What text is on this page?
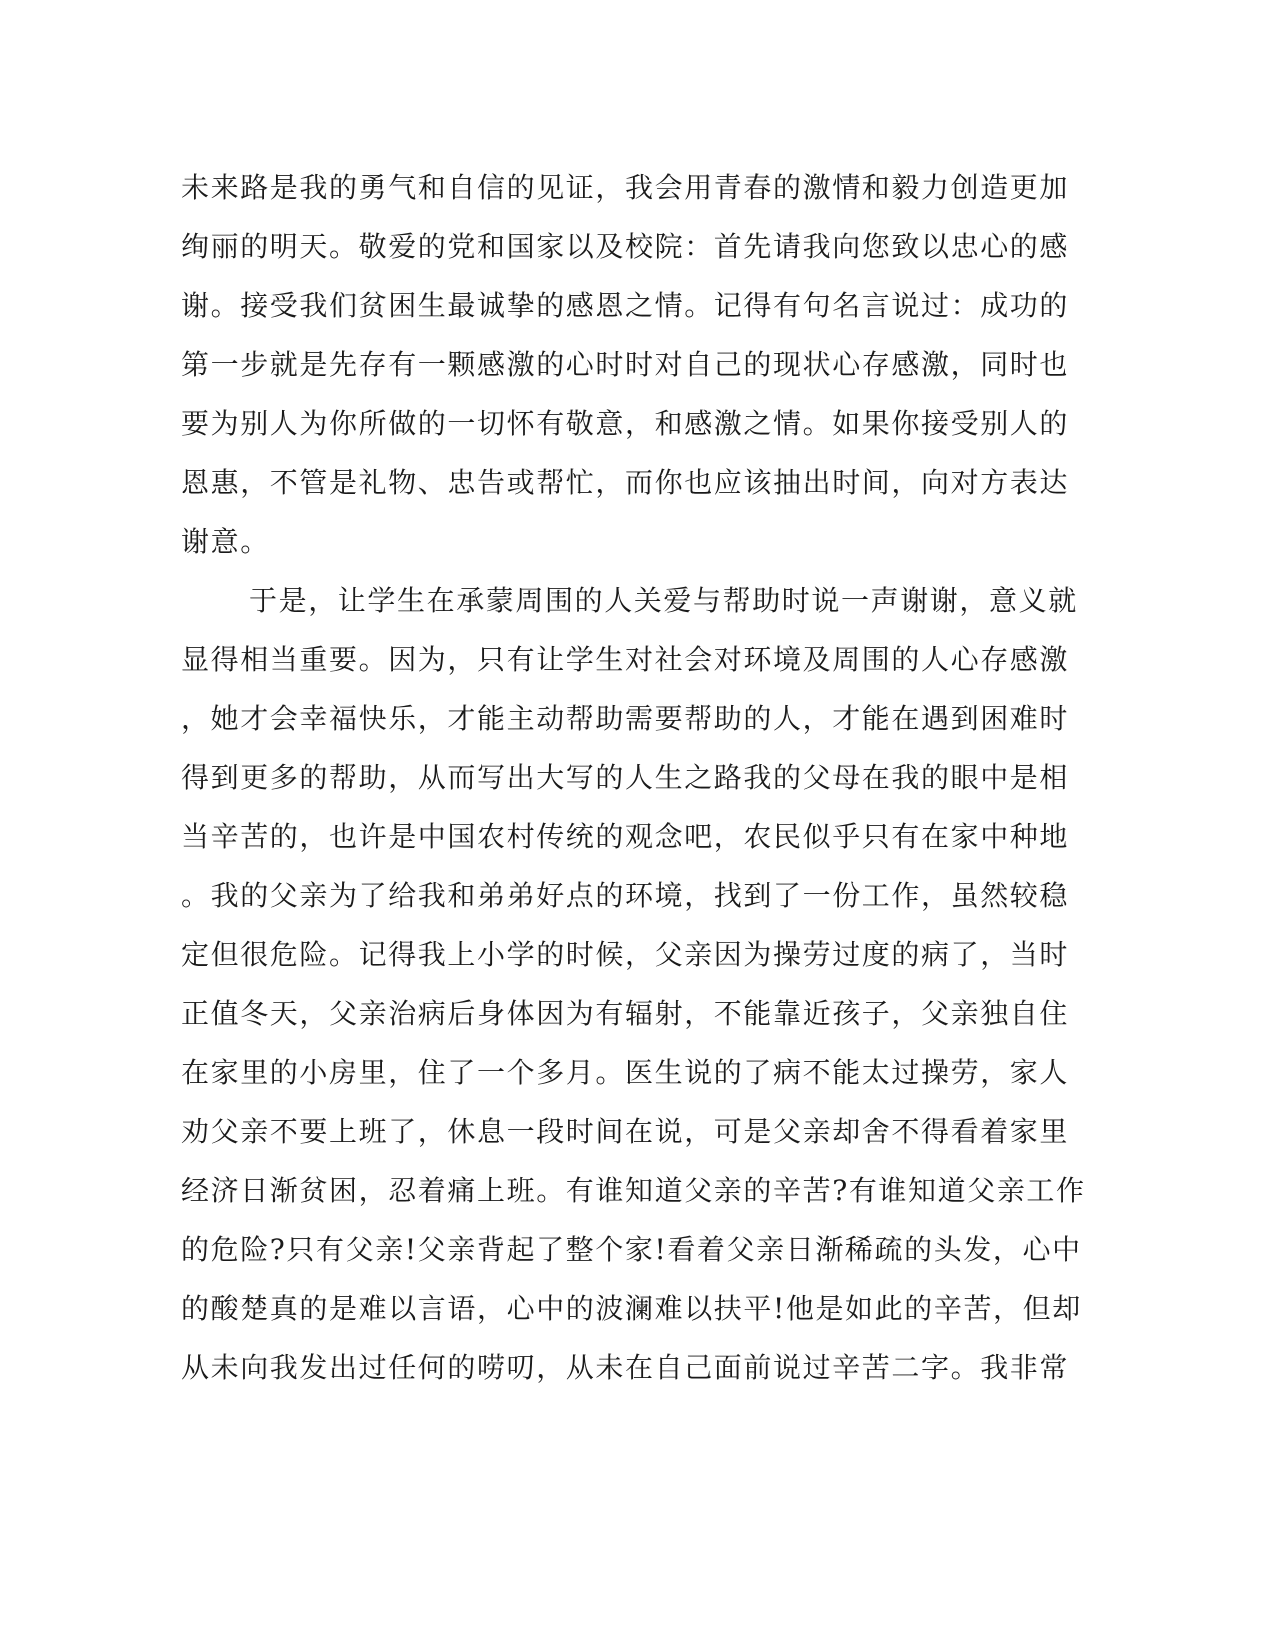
未来路是我的勇气和自信的见证，我会用青春的激情和毅力创造更加
绚丽的明天。敬爱的党和国家以及校院：首先请我向您致以忠心的感
谢。接受我们贫困生最诚挚的感恩之情。记得有句名言说过：成功的
第一步就是先存有一颗感激的心时时对自己的现状心存感激，同时也
要为别人为你所做的一切怀有敬意，和感激之情。如果你接受别人的
恩惠，不管是礼物、忠告或帮忙，而你也应该抽出时间，向对方表达
谢意。
于是，让学生在承蒙周围的人关爱与帮助时说一声谢谢，意义就
显得相当重要。因为，只有让学生对社会对环境及周围的人心存感激
，她才会幸福快乐，才能主动帮助需要帮助的人，才能在遇到困难时
得到更多的帮助，从而写出大写的人生之路我的父母在我的眼中是相
当辛苦的，也许是中国农村传统的观念吧，农民似乎只有在家中种地
。我的父亲为了给我和弟弟好点的环境，找到了一份工作，虽然较稳
定但很危险。记得我上小学的时候，父亲因为操劳过度的病了，当时
正值冬天，父亲治病后身体因为有辐射，不能靠近孩子，父亲独自住
在家里的小房里，住了一个多月。医生说的了病不能太过操劳，家人
劝父亲不要上班了，休息一段时间在说，可是父亲却舍不得看着家里
经济日渐贫困，忍着痛上班。有谁知道父亲的辛苦?有谁知道父亲工作
的危险?只有父亲!父亲背起了整个家!看着父亲日渐稀疏的头发，心中
的酸楚真的是难以言语，心中的波澜难以扶平!他是如此的辛苦，但却
从未向我发出过任何的唠叨，从未在自己面前说过辛苦二字。我非常
